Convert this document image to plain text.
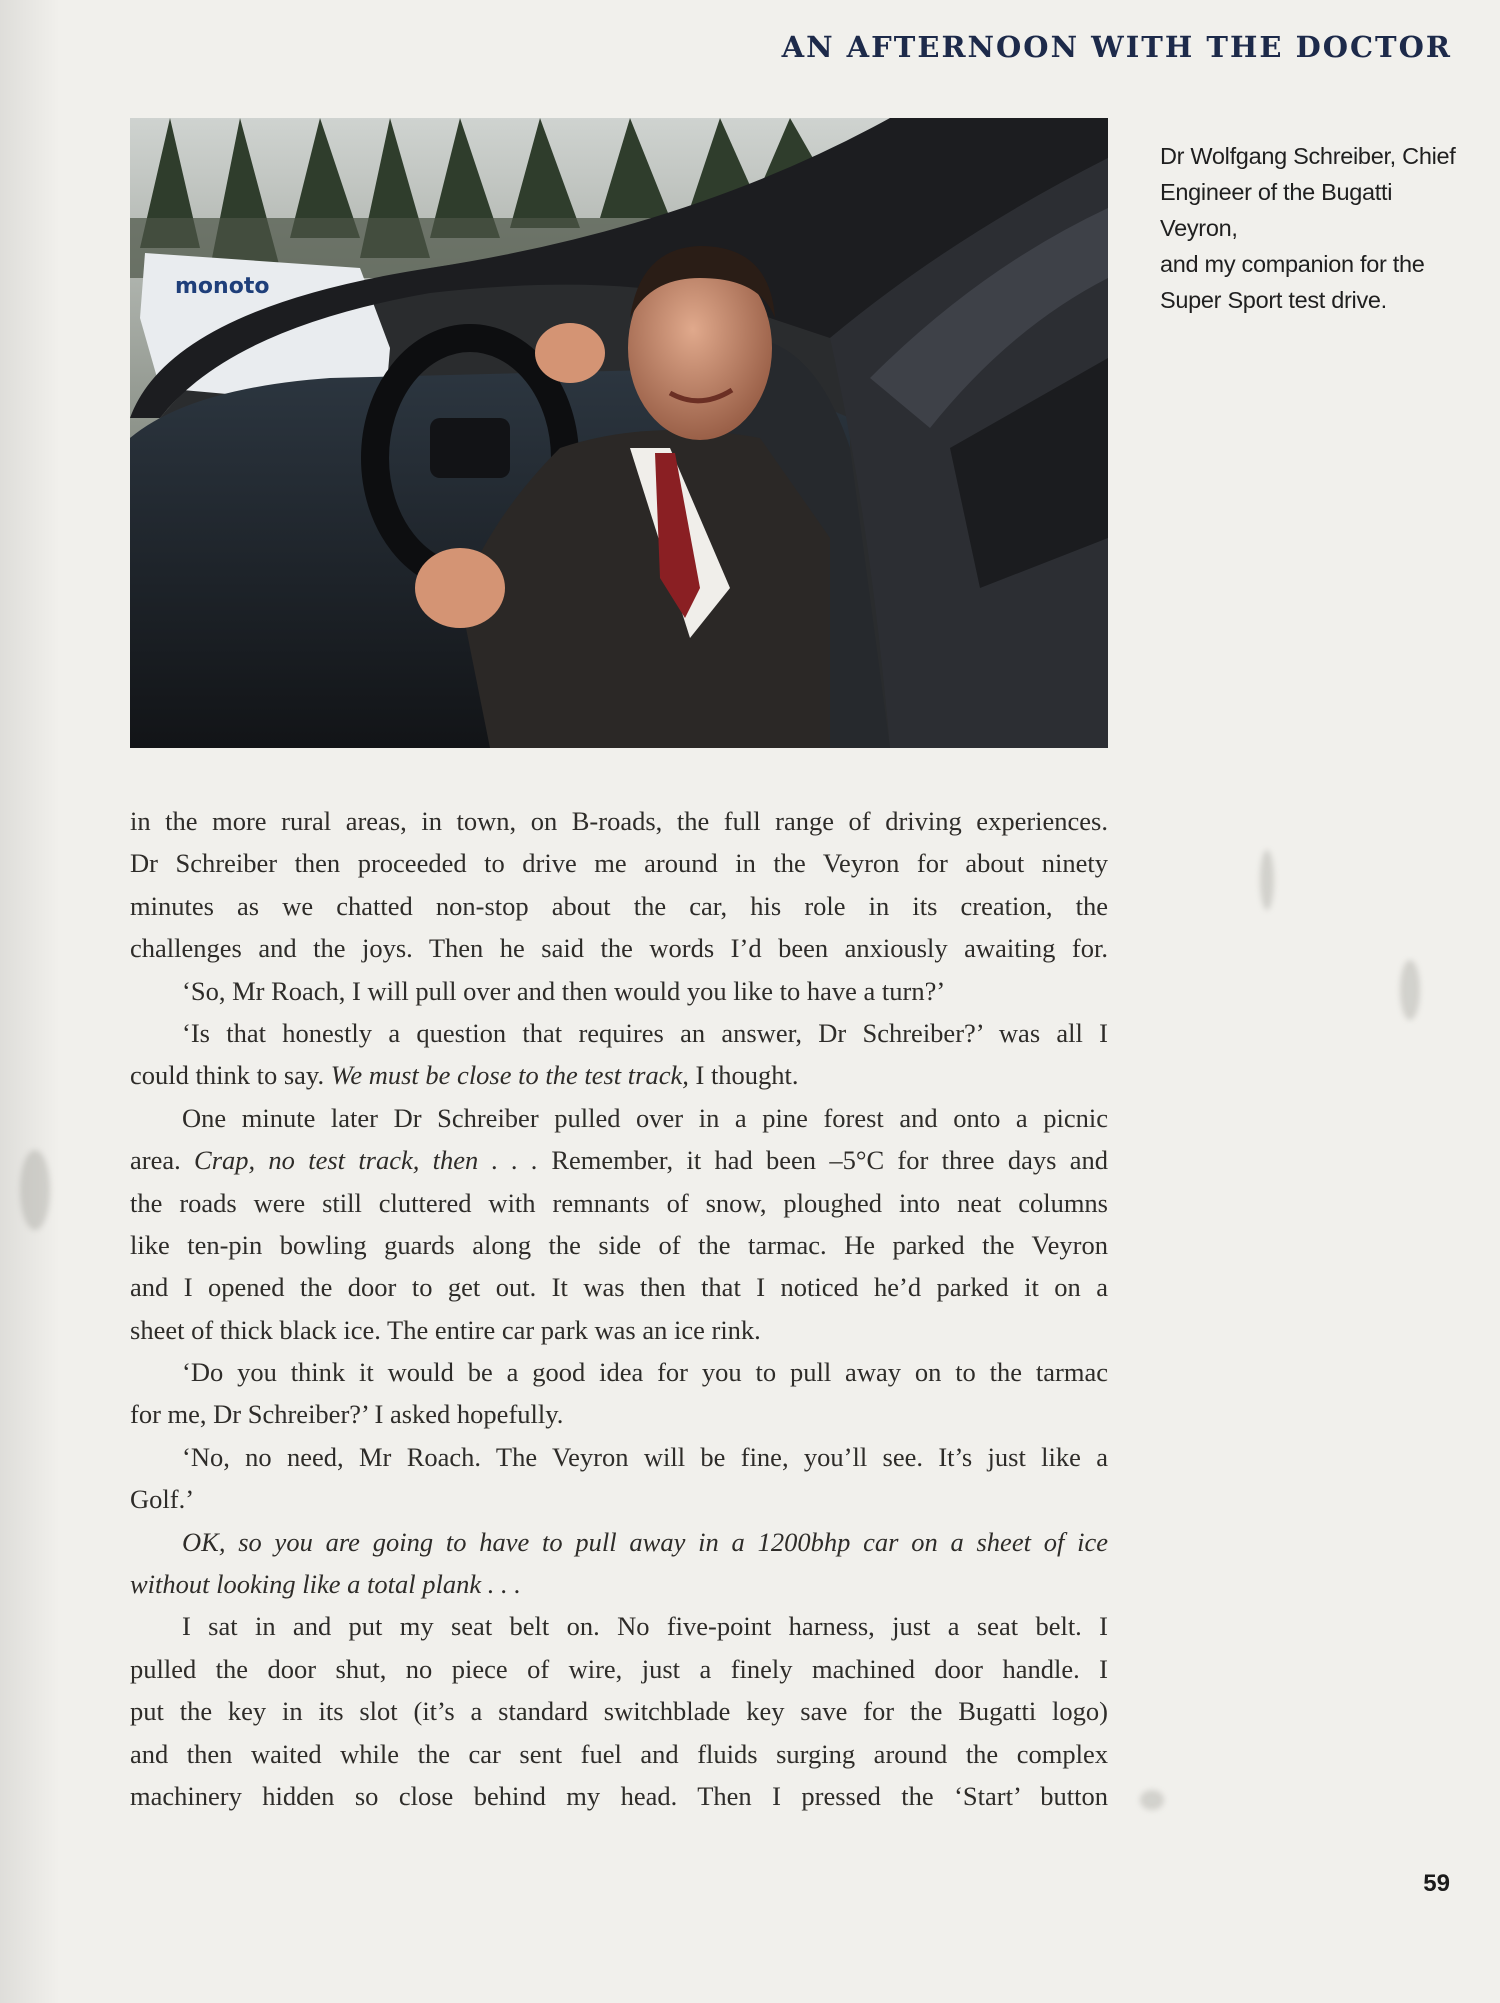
AN AFTERNOON WITH THE DOCTOR
monoto
Dr Wolfgang Schreiber, Chief
Engineer of the Bugatti Veyron,
and my companion for the
Super Sport test drive.
in the more rural areas, in town, on B-roads, the full range of driving experiences.
Dr Schreiber then proceeded to drive me around in the Veyron for about ninety
minutes as we chatted non-stop about the car, his role in its creation, the
challenges and the joys. Then he said the words I’d been anxiously awaiting for.
‘So, Mr Roach, I will pull over and then would you like to have a turn?’
‘Is that honestly a question that requires an answer, Dr Schreiber?’ was all I
could think to say. We must be close to the test track, I thought.
One minute later Dr Schreiber pulled over in a pine forest and onto a picnic
area. Crap, no test track, then . . . Remember, it had been –5°C for three days and
the roads were still cluttered with remnants of snow, ploughed into neat columns
like ten-pin bowling guards along the side of the tarmac. He parked the Veyron
and I opened the door to get out. It was then that I noticed he’d parked it on a
sheet of thick black ice. The entire car park was an ice rink.
‘Do you think it would be a good idea for you to pull away on to the tarmac
for me, Dr Schreiber?’ I asked hopefully.
‘No, no need, Mr Roach. The Veyron will be fine, you’ll see. It’s just like a
Golf.’
OK, so you are going to have to pull away in a 1200bhp car on a sheet of ice
without looking like a total plank . . .
I sat in and put my seat belt on. No five-point harness, just a seat belt. I
pulled the door shut, no piece of wire, just a finely machined door handle. I
put the key in its slot (it’s a standard switchblade key save for the Bugatti logo)
and then waited while the car sent fuel and fluids surging around the complex
machinery hidden so close behind my head. Then I pressed the ‘Start’ button
59
